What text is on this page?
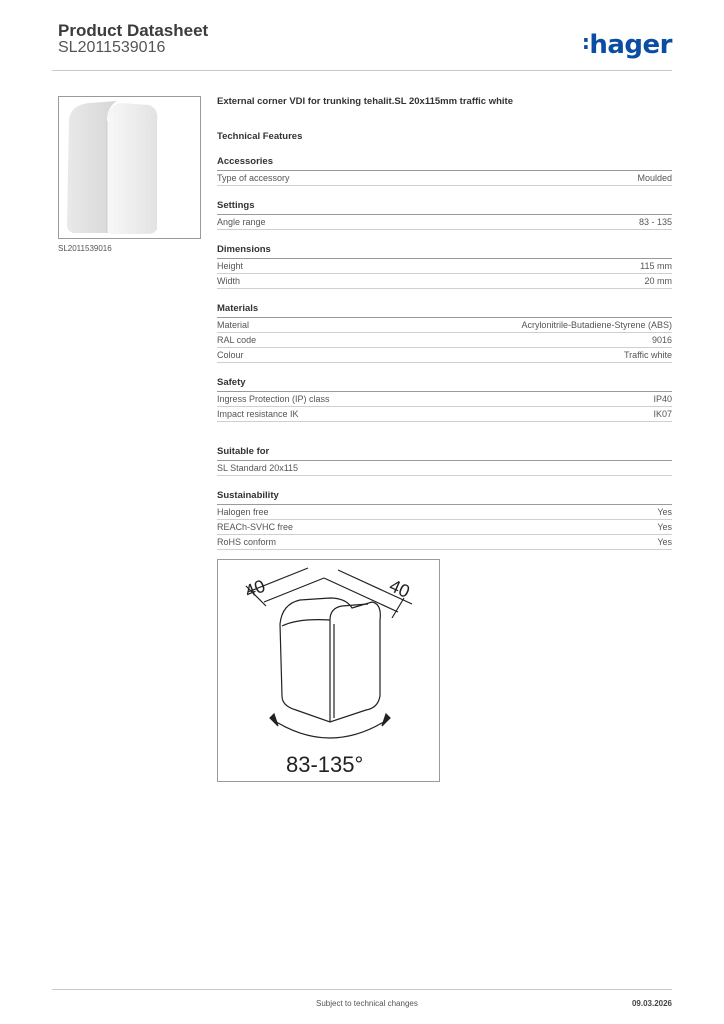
Product Datasheet
SL2011539016	:hager
SL2011539016
External corner VDI for trunking tehalit.SL 20x115mm traffic white
Technical Features
Accessories
Type of accessory	Moulded
Settings
Angle range	83 - 135
Dimensions
Height	115 mm
Width	20 mm
Materials
Material	Acrylonitrile-Butadiene-Styrene (ABS)
RAL code	9016
Colour	Traffic white
Safety
Ingress Protection (IP) class	IP40
Impact resistance IK	IK07
Suitable for
SL Standard 20x115
Sustainability
Halogen free	Yes
REACh-SVHC free	Yes
RoHS conform	Yes
40	40
83-135°
Subject to technical changes	09.03.2026
